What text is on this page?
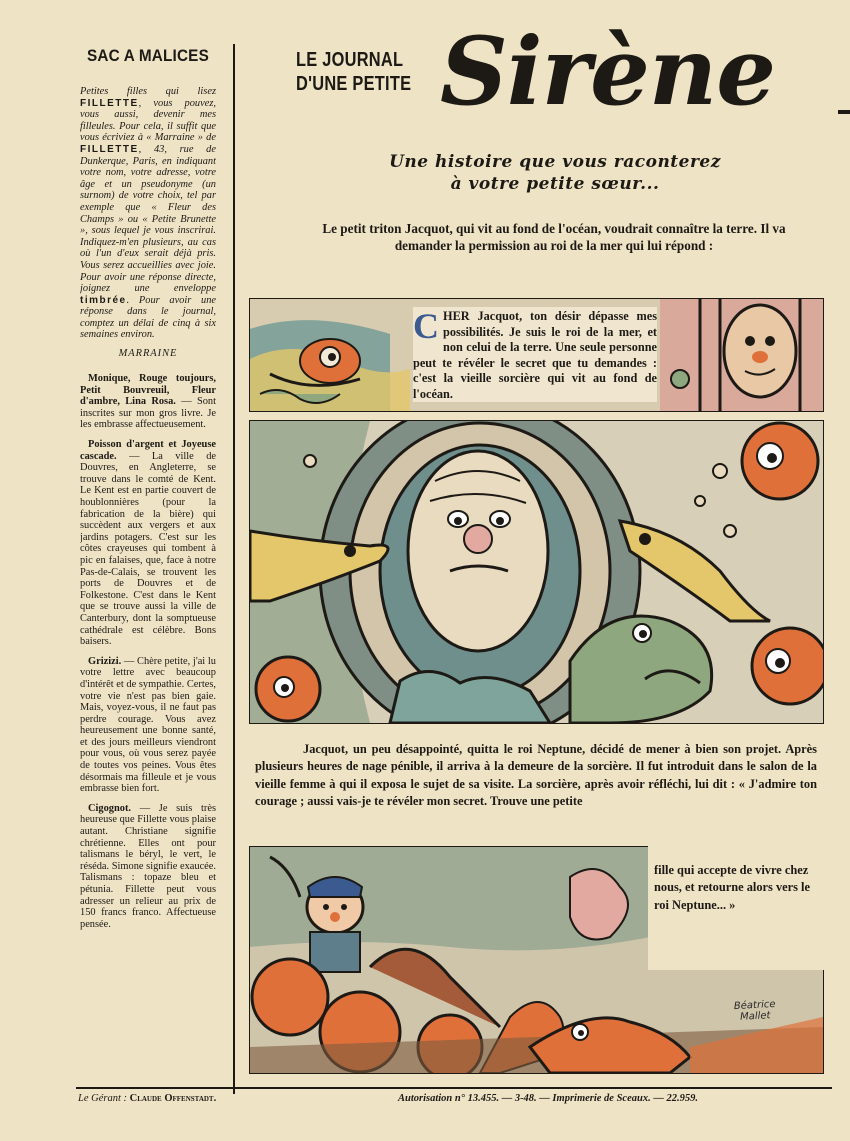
SAC A MALICES

Petites filles qui lisez FILLETTE, vous pouvez, vous aussi, devenir mes filleules. Pour cela, il suffit que vous écriviez à « Marraine » de FILLETTE, 43, rue de Dunkerque, Paris, en indiquant votre nom, votre adresse, votre âge et un pseudonyme (un surnom) de votre choix, tel par exemple que « Fleur des Champs » ou « Petite Brunette », sous lequel je vous inscrirai. Indiquez-m'en plusieurs, au cas où l'un d'eux serait déjà pris. Vous serez accueillies avec joie. Pour avoir une réponse directe, joignez une enveloppe timbrée. Pour avoir une réponse dans le journal, comptez un délai de cinq à six semaines environ.

MARRAINE

Monique, Rouge toujours, Petit Bouvreuil, Fleur d'ambre, Lina Rosa. — Sont inscrites sur mon gros livre. Je les embrasse affectueusement.

Poisson d'argent et Joyeuse cascade. — La ville de Douvres, en Angleterre, se trouve dans le comté de Kent. Le Kent est en partie couvert de houblonnières (pour la fabrication de la bière) qui succèdent aux vergers et aux jardins potagers. C'est sur les côtes crayeuses qui tombent à pic en falaises, que, face à notre Pas-de-Calais, se trouvent les ports de Douvres et de Folkestone. C'est dans le Kent que se trouve aussi la ville de Canterbury, dont la somptueuse cathédrale est célèbre. Bons baisers.

Grizizi. — Chère petite, j'ai lu votre lettre avec beaucoup d'intérêt et de sympathie. Certes, votre vie n'est pas bien gaie. Mais, voyez-vous, il ne faut pas perdre courage. Vous avez heureusement une bonne santé, et des jours meilleurs viendront pour vous, où vous serez payée de toutes vos peines. Vous êtes désormais ma filleule et je vous embrasse bien fort.

Cigognot. — Je suis très heureuse que Fillette vous plaise autant. Christiane signifie chrétienne. Elles ont pour talismans le béryl, le vert, le réséda. Simone signifie exaucée. Talismans : topaze bleu et pétunia. Fillette peut vous adresser un relieur au prix de 150 francs franco. Affectueuse pensée.

LE JOURNAL
D'UNE PETITE Sirène
Une histoire que vous raconterez
à votre petite sœur...
Le petit triton Jacquot, qui vit au fond de l'océan, voudrait connaître la terre. Il va demander la permission au roi de la mer qui lui répond :
CHER Jacquot, ton désir dépasse mes possibilités. Je suis le roi de la mer, et non celui de la terre. Une seule personne peut te révéler le secret que tu demandes : c'est la vieille sorcière qui vit au fond de l'océan.

Jacquot, un peu désappointé, quitta le roi Neptune, décidé de mener à bien son projet. Après plusieurs heures de nage pénible, il arriva à la demeure de la sorcière. Il fut introduit dans le salon de la vieille femme à qui il exposa le sujet de sa visite. La sorcière, après avoir réfléchi, lui dit : « J'admire ton courage ; aussi vais-je te révéler mon secret. Trouve une petite

fille qui accepte de vivre chez nous, et retourne alors vers le roi Neptune... »
Béatrice Mallet
Le Gérant : Claude Offenstadt.	Autorisation n° 13.455. — 3-48. — Imprimerie de Sceaux. — 22.959.
